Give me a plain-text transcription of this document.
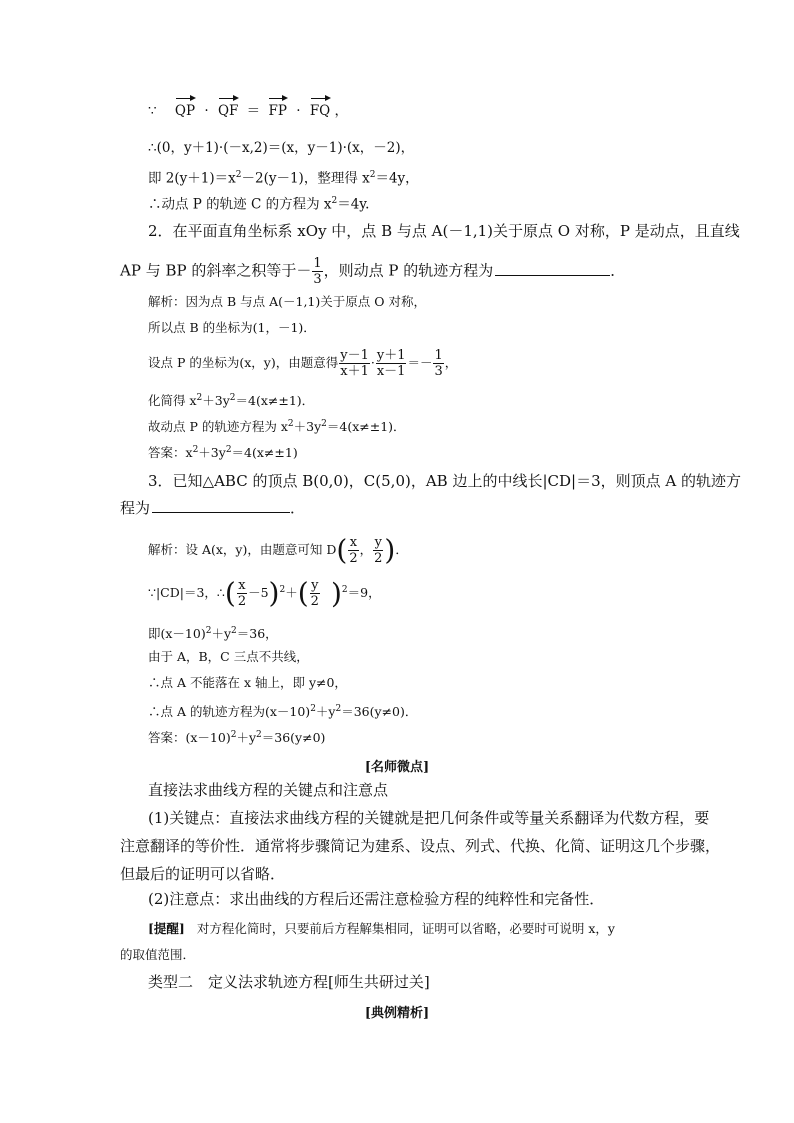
∵ QP · QF ＝ FP · FQ ，
∴(0，y＋1)·(－x,2)＝(x，y－1)·(x，－2)，
即 $2(y+1)=x^2-2(y-1)$，整理得 $x^2=4y$，
∴动点 P 的轨迹 C 的方程为 $x^2=4y$.
2．在平面直角坐标系 xOy 中，点 B 与点 A(－1,1)关于原点 O 对称，P 是动点，且直线
AP 与 BP 的斜率之积等于－ $\frac{1}{3}$ ，则动点 P 的轨迹方程为	．
解析：因为点 B 与点 A(－1,1)关于原点 O 对称，
所以点 B 的坐标为(1，－1)．
设点 P 的坐标为(x，y)，由题意得 $\frac{y-1}{x+1} \cdot \frac{y+1}{x-1} =- \frac{1}{3}$ ，
化简得 $x^2+3y^2=4(x\ne\pm 1)$．
故动点 P 的轨迹方程为 $x^2+3y^2=4(x\ne\pm 1)$．
答案：$x^2+3y^2=4(x\ne\pm 1)$
3．已知△ABC 的顶点 B(0,0)，C(5,0)，AB 边上的中线长|CD|＝3，则顶点 A 的轨迹方
程为	．
解析：设 A(x，y)，由题意可知 $D( \frac{x}{2}$ ， $\frac{y}{2}$ )．
∵|CD|＝3，∴( $\frac{x}{2} -5)^2+( \frac{y}{2} )^2=9$，
即$(x-10)^2+y^2=36$，
由于 A，B，C 三点不共线，
∴点 A 不能落在 x 轴上，即 y≠0，
∴点 A 的轨迹方程为$(x-10)^2+y^2=36(y\ne 0)$．
答案：$(x-10)^2+y^2=36(y\ne 0)$
[名师微点]
直接法求曲线方程的关键点和注意点
(1)关键点：直接法求曲线方程的关键就是把几何条件或等量关系翻译为代数方程，要
注意翻译的等价性．通常将步骤简记为建系、设点、列式、代换、化简、证明这几个步骤，
但最后的证明可以省略．
(2)注意点：求出曲线的方程后还需注意检验方程的纯粹性和完备性．
[提醒] 对方程化简时，只要前后方程解集相同，证明可以省略，必要时可说明 x，y
的取值范围．
类型二　定义法求轨迹方程[师生共研过关]
[典例精析]
